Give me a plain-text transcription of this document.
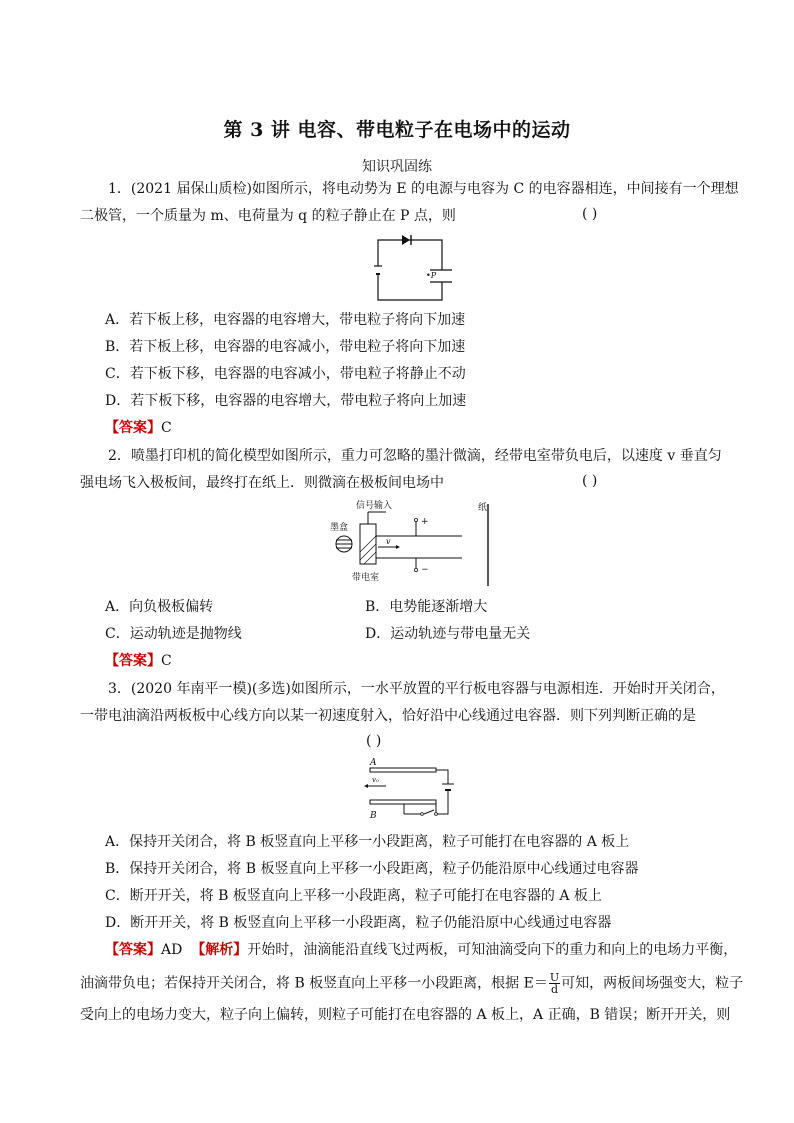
第 3 讲 电容、带电粒子在电场中的运动
知识巩固练
1．(2021 届保山质检)如图所示，将电动势为 E 的电源与电容为 C 的电容器相连，中间接有一个理想
二极管，一个质量为 m、电荷量为 q 的粒子静止在 P 点，则	( )
•P
A．若下板上移，电容器的电容增大，带电粒子将向下加速
B．若下板上移，电容器的电容减小，带电粒子将向下加速
C．若下板下移，电容器的电容减小，带电粒子将静止不动
D．若下板下移，电容器的电容增大，带电粒子将向上加速
【答案】C
2．喷墨打印机的简化模型如图所示，重力可忽略的墨汁微滴，经带电室带负电后，以速度 v 垂直匀
强电场飞入极板间，最终打在纸上．则微滴在极板间电场中	( )
信号输入
墨盒
带电室
纸
+
−
v
A．向负极板偏转	B．电势能逐渐增大
C．运动轨迹是抛物线	D．运动轨迹与带电量无关
【答案】C
3．(2020 年南平一模)(多选)如图所示，一水平放置的平行板电容器与电源相连．开始时开关闭合，
一带电油滴沿两板板中心线方向以某一初速度射入，恰好沿中心线通过电容器．则下列判断正确的是
( )
A
B
v₀
A．保持开关闭合，将 B 板竖直向上平移一小段距离，粒子可能打在电容器的 A 板上
B．保持开关闭合，将 B 板竖直向上平移一小段距离，粒子仍能沿原中心线通过电容器
C．断开开关，将 B 板竖直向上平移一小段距离，粒子可能打在电容器的 A 板上
D．断开开关，将 B 板竖直向上平移一小段距离，粒子仍能沿原中心线通过电容器
【答案】AD 【解析】开始时，油滴能沿直线飞过两板，可知油滴受向下的重力和向上的电场力平衡，
油滴带负电；若保持开关闭合，将 B 板竖直向上平移一小段距离，根据 $E= \frac{U}{d}$ 可知，两板间场强变大，粒子
受向上的电场力变大，粒子向上偏转，则粒子可能打在电容器的 A 板上，A 正确，B 错误；断开开关，则
